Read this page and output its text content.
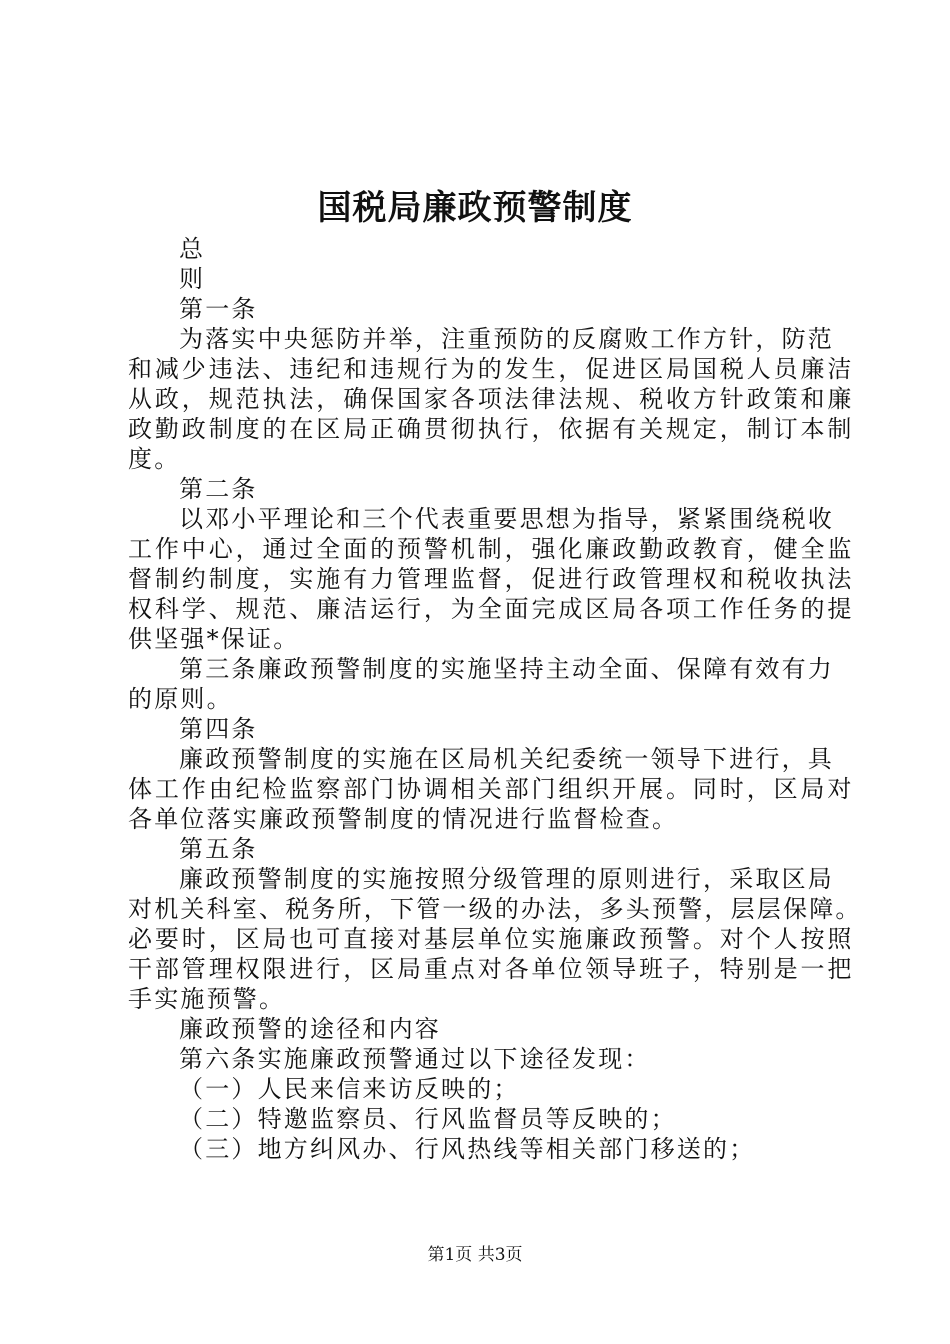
国税局廉政预警制度

总

则

第一条

为落实中央惩防并举，注重预防的反腐败工作方针，防范

和减少违法、违纪和违规行为的发生，促进区局国税人员廉洁

从政，规范执法，确保国家各项法律法规、税收方针政策和廉

政勤政制度的在区局正确贯彻执行，依据有关规定，制订本制

度。

第二条

以邓小平理论和三个代表重要思想为指导，紧紧围绕税收

工作中心，通过全面的预警机制，强化廉政勤政教育，健全监

督制约制度，实施有力管理监督，促进行政管理权和税收执法

权科学、规范、廉洁运行，为全面完成区局各项工作任务的提

供坚强*保证。

第三条廉政预警制度的实施坚持主动全面、保障有效有力

的原则。

第四条

廉政预警制度的实施在区局机关纪委统一领导下进行，具

体工作由纪检监察部门协调相关部门组织开展。同时，区局对

各单位落实廉政预警制度的情况进行监督检查。

第五条

廉政预警制度的实施按照分级管理的原则进行，采取区局

对机关科室、税务所，下管一级的办法，多头预警，层层保障。

必要时，区局也可直接对基层单位实施廉政预警。对个人按照

干部管理权限进行，区局重点对各单位领导班子，特别是一把

手实施预警。

廉政预警的途径和内容

第六条实施廉政预警通过以下途径发现：

（一）人民来信来访反映的；

（二）特邀监察员、行风监督员等反映的；

（三）地方纠风办、行风热线等相关部门移送的；

第1页 共3页
